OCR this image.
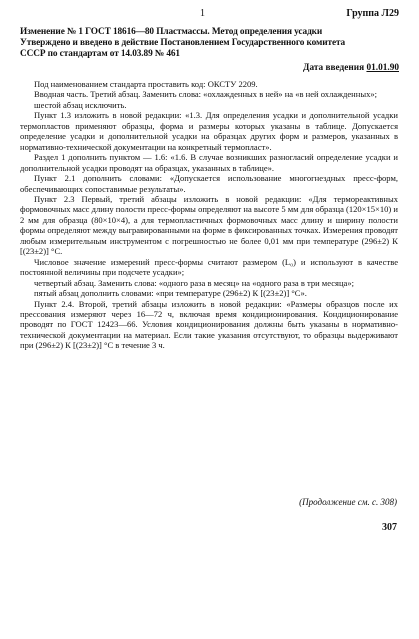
1	Группа Л29
Изменение № 1 ГОСТ 18616—80 Пластмассы. Метод определения усадки
Утверждено и введено в действие Постановлением Государственного комитета
СССР по стандартам от 14.03.89 № 461
Дата введения 01.01.90

Под наименованием стандарта проставить код: ОКСТУ 2209.

Вводная часть. Третий абзац. Заменить слова: «охлажденных в ней» на «в ней охлажденных»;

шестой абзац исключить.

Пункт 1.3 изложить в новой редакции: «1.3. Для определения усадки и дополнительной усадки термопластов применяют образцы, форма и размеры которых указаны в таблице. Допускается определение усадки и дополнительной усадки на образцах других форм и размеров, указанных в нормативно-технической документации на конкретный термопласт».

Раздел 1 дополнить пунктом — 1.6: «1.6. В случае возникших разногласий определение усадки и дополнительной усадки проводят на образцах, указанных в таблице».

Пункт 2.1 дополнить словами: «Допускается использование многогнездных пресс-форм, обеспечивающих сопоставимые результаты».

Пункт 2.3 Первый, третий абзацы изложить в новой редакции: «Для термореактивных формовочных масс длину полости пресс-формы определяют на высоте 5 мм для образца (120×15×10) и 2 мм для образца (80×10×4), а для термопластичных формовочных масс длину и ширину полости формы определяют между выгравированными на форме в фиксированных точках. Измерения проводят любым измерительным инструментом с погрешностью не более 0,01 мм при температуре (296±2) К [(23±2)] °С.

Числовое значение измерений пресс-формы считают размером (L₀) и используют в качестве постоянной величины при подсчете усадки»;

четвертый абзац. Заменить слова: «одного раза в месяц» на «одного раза в три месяца»;

пятый абзац дополнить словами: «при температуре (296±2) К [(23±2)] °С».

Пункт 2.4. Второй, третий абзацы изложить в новой редакции: «Размеры образцов после их прессования измеряют через 16—72 ч, включая время кондиционирования. Кондиционирование проводят по ГОСТ 12423—66. Условия кондиционирования должны быть указаны в нормативно-технической документации на материал. Если такие указания отсутствуют, то образцы выдерживают при (296±2) К [(23±2)] °С в течение 3 ч.

(Продолжение см. с. 308)
307
